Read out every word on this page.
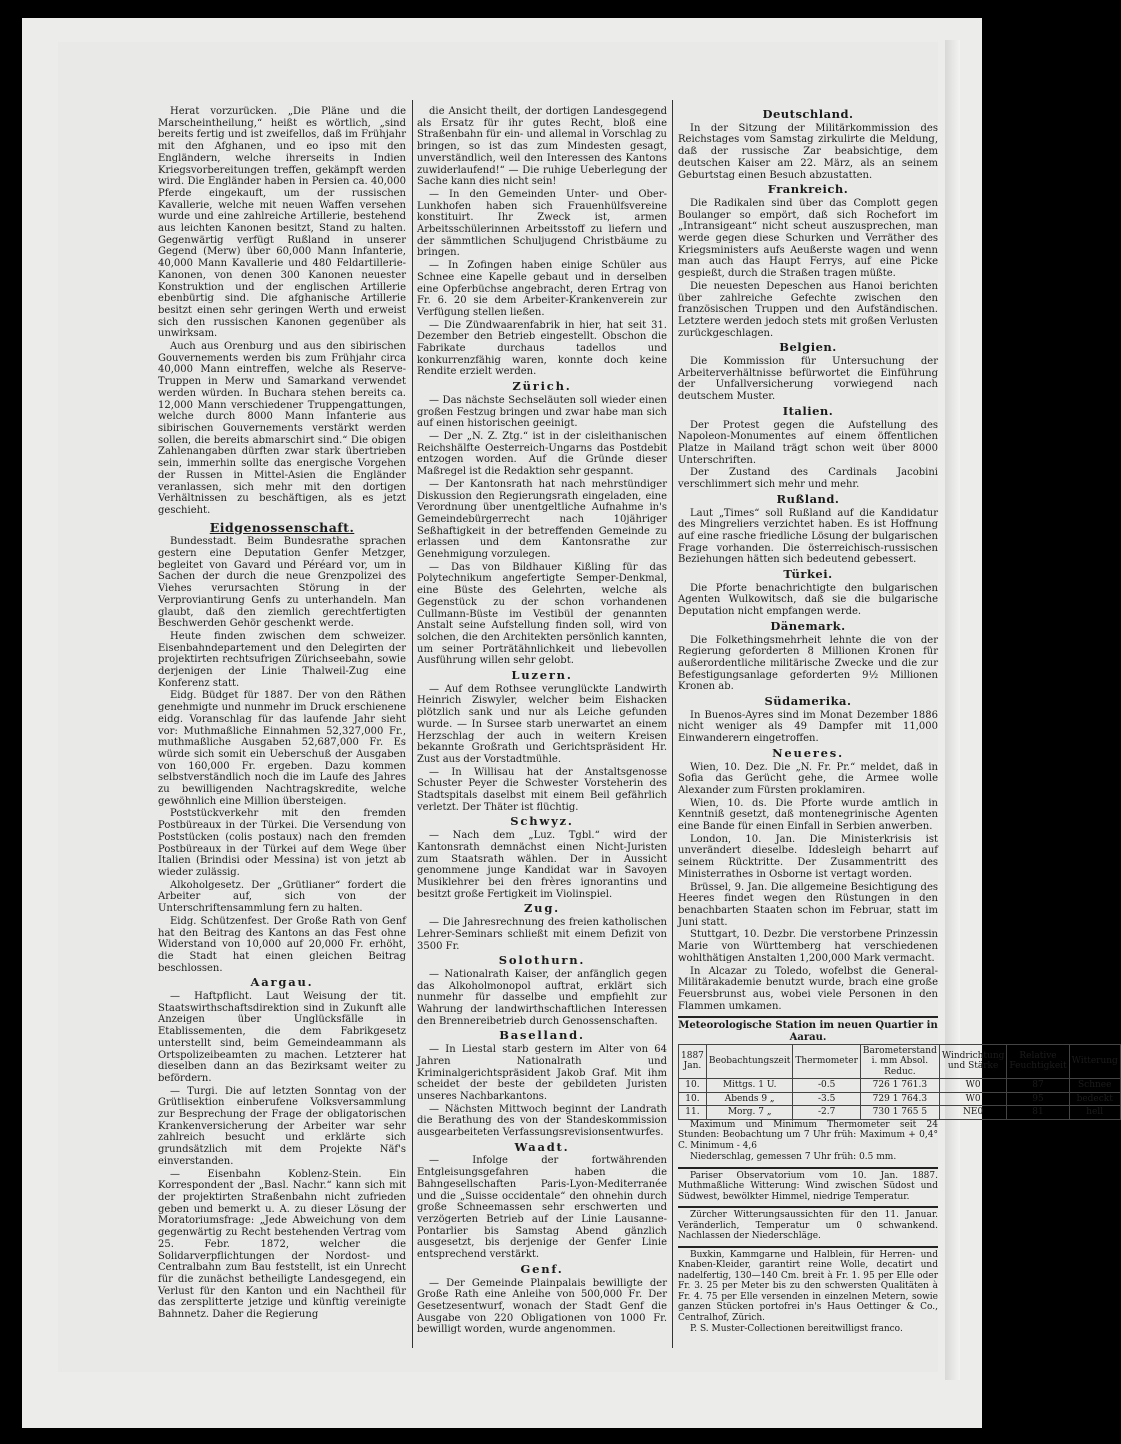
Herat vorzurücken. „Die Pläne und die Marscheintheilung,“ heißt es wörtlich, „sind bereits fertig und ist zweifellos, daß im Frühjahr mit den Afghanen, und eo ipso mit den Engländern, welche ihrerseits in Indien Kriegsvorbereitungen treffen, gekämpft werden wird. Die Engländer haben in Persien ca. 40,000 Pferde eingekauft, um der russischen Kavallerie, welche mit neuen Waffen versehen wurde und eine zahlreiche Artillerie, bestehend aus leichten Kanonen besitzt, Stand zu halten. Gegenwärtig verfügt Rußland in unserer Gegend (Merw) über 60,000 Mann Infanterie, 40,000 Mann Kavallerie und 480 Feldartillerie-Kanonen, von denen 300 Kanonen neuester Konstruktion und der englischen Artillerie ebenbürtig sind. Die afghanische Artillerie besitzt einen sehr geringen Werth und erweist sich den russischen Kanonen gegenüber als unwirksam.

Auch aus Orenburg und aus den sibirischen Gouvernements werden bis zum Frühjahr circa 40,000 Mann eintreffen, welche als Reserve-Truppen in Merw und Samarkand verwendet werden würden. In Buchara stehen bereits ca. 12,000 Mann verschiedener Truppengattungen, welche durch 8000 Mann Infanterie aus sibirischen Gouvernements verstärkt werden sollen, die bereits abmarschirt sind.“ Die obigen Zahlenangaben dürften zwar stark übertrieben sein, immerhin sollte das energische Vorgehen der Russen in Mittel-Asien die Engländer veranlassen, sich mehr mit den dortigen Verhältnissen zu beschäftigen, als es jetzt geschieht.

Eidgenossenschaft.

Bundesstadt. Beim Bundesrathe sprachen gestern eine Deputation Genfer Metzger, begleitet von Gavard und Péréard vor, um in Sachen der durch die neue Grenzpolizei des Viehes verursachten Störung in der Verproviantirung Genfs zu unterhandeln. Man glaubt, daß den ziemlich gerechtfertigten Beschwerden Gehör geschenkt werde.

Heute finden zwischen dem schweizer. Eisenbahndepartement und den Delegirten der projektirten rechtsufrigen Zürichseebahn, sowie derjenigen der Linie Thalweil-Zug eine Konferenz statt.

Eidg. Büdget für 1887. Der von den Räthen genehmigte und nunmehr im Druck erschienene eidg. Voranschlag für das laufende Jahr sieht vor: Muthmaßliche Einnahmen 52,327,000 Fr., muthmaßliche Ausgaben 52,687,000 Fr. Es würde sich somit ein Ueberschuß der Ausgaben von 160,000 Fr. ergeben. Dazu kommen selbstverständlich noch die im Laufe des Jahres zu bewilligenden Nachtragskredite, welche gewöhnlich eine Million übersteigen.

Poststückverkehr mit den fremden Postbüreaux in der Türkei. Die Versendung von Poststücken (colis postaux) nach den fremden Postbüreaux in der Türkei auf dem Wege über Italien (Brindisi oder Messina) ist von jetzt ab wieder zulässig.

Alkoholgesetz. Der „Grütlianer“ fordert die Arbeiter auf, sich von der Unterschriftensammlung fern zu halten.

Eidg. Schützenfest. Der Große Rath von Genf hat den Beitrag des Kantons an das Fest ohne Widerstand von 10,000 auf 20,000 Fr. erhöht, die Stadt hat einen gleichen Beitrag beschlossen.

Aargau.

— Haftpflicht. Laut Weisung der tit. Staatswirthschaftsdirektion sind in Zukunft alle Anzeigen über Unglücksfälle in Etablissementen, die dem Fabrikgesetz unterstellt sind, beim Gemeindeammann als Ortspolizeibeamten zu machen. Letzterer hat dieselben dann an das Bezirksamt weiter zu befördern.

— Turgi. Die auf letzten Sonntag von der Grütlisektion einberufene Volksversammlung zur Besprechung der Frage der obligatorischen Krankenversicherung der Arbeiter war sehr zahlreich besucht und erklärte sich grundsätzlich mit dem Projekte Näf's einverstanden.

— Eisenbahn Koblenz-Stein. Ein Korrespondent der „Basl. Nachr.“ kann sich mit der projektirten Straßenbahn nicht zufrieden geben und bemerkt u. A. zu dieser Lösung der Moratoriumsfrage: „Jede Abweichung von dem gegenwärtig zu Recht bestehenden Vertrag vom 25. Febr. 1872, welcher die Solidarverpflichtungen der Nordost- und Centralbahn zum Bau feststellt, ist ein Unrecht für die zunächst betheiligte Landesgegend, ein Verlust für den Kanton und ein Nachtheil für das zersplitterte jetzige und künftig vereinigte Bahnnetz. Daher die Regierung

die Ansicht theilt, der dortigen Landesgegend als Ersatz für ihr gutes Recht, bloß eine Straßenbahn für ein- und allemal in Vorschlag zu bringen, so ist das zum Mindesten gesagt, unverständlich, weil den Interessen des Kantons zuwiderlaufend!“ — Die ruhige Ueberlegung der Sache kann dies nicht sein!

— In den Gemeinden Unter- und Ober-Lunkhofen haben sich Frauenhülfsvereine konstituirt. Ihr Zweck ist, armen Arbeitsschülerinnen Arbeitsstoff zu liefern und der sämmtlichen Schuljugend Christbäume zu bringen.

— In Zofingen haben einige Schüler aus Schnee eine Kapelle gebaut und in derselben eine Opferbüchse angebracht, deren Ertrag von Fr. 6. 20 sie dem Arbeiter-Krankenverein zur Verfügung stellen ließen.

— Die Zündwaarenfabrik in hier, hat seit 31. Dezember den Betrieb eingestellt. Obschon die Fabrikate durchaus tadellos und konkurrenzfähig waren, konnte doch keine Rendite erzielt werden.

Zürich.

— Das nächste Sechseläuten soll wieder einen großen Festzug bringen und zwar habe man sich auf einen historischen geeinigt.

— Der „N. Z. Ztg.“ ist in der cisleithanischen Reichshälfte Oesterreich-Ungarns das Postdebit entzogen worden. Auf die Gründe dieser Maßregel ist die Redaktion sehr gespannt.

— Der Kantonsrath hat nach mehrstündiger Diskussion den Regierungsrath eingeladen, eine Verordnung über unentgeltliche Aufnahme in's Gemeindebürgerrecht nach 10jähriger Seßhaftigkeit in der betreffenden Gemeinde zu erlassen und dem Kantonsrathe zur Genehmigung vorzulegen.

— Das von Bildhauer Kißling für das Polytechnikum angefertigte Semper-Denkmal, eine Büste des Gelehrten, welche als Gegenstück zu der schon vorhandenen Cullmann-Büste im Vestibül der genannten Anstalt seine Aufstellung finden soll, wird von solchen, die den Architekten persönlich kannten, um seiner Porträtähnlichkeit und liebevollen Ausführung willen sehr gelobt.

Luzern.

— Auf dem Rothsee verunglückte Landwirth Heinrich Ziswyler, welcher beim Eishacken plötzlich sank und nur als Leiche gefunden wurde. — In Sursee starb unerwartet an einem Herzschlag der auch in weitern Kreisen bekannte Großrath und Gerichtspräsident Hr. Zust aus der Vorstadtmühle.

— In Willisau hat der Anstaltsgenosse Schuster Peyer die Schwester Vorsteherin des Stadtspitals daselbst mit einem Beil gefährlich verletzt. Der Thäter ist flüchtig.

Schwyz.

— Nach dem „Luz. Tgbl.“ wird der Kantonsrath demnächst einen Nicht-Juristen zum Staatsrath wählen. Der in Aussicht genommene junge Kandidat war in Savoyen Musiklehrer bei den frères ignorantins und besitzt große Fertigkeit im Violinspiel.

Zug.

— Die Jahresrechnung des freien katholischen Lehrer-Seminars schließt mit einem Defizit von 3500 Fr.

Solothurn.

— Nationalrath Kaiser, der anfänglich gegen das Alkoholmonopol auftrat, erklärt sich nunmehr für dasselbe und empfiehlt zur Wahrung der landwirthschaftlichen Interessen den Brennereibetrieb durch Genossenschaften.

Baselland.

— In Liestal starb gestern im Alter von 64 Jahren Nationalrath und Kriminalgerichtspräsident Jakob Graf. Mit ihm scheidet der beste der gebildeten Juristen unseres Nachbarkantons.

— Nächsten Mittwoch beginnt der Landrath die Berathung des von der Standeskommission ausgearbeiteten Verfassungsrevisionsentwurfes.

Waadt.

— Infolge der fortwährenden Entgleisungsgefahren haben die Bahngesellschaften Paris-Lyon-Mediterranée und die „Suisse occidentale“ den ohnehin durch große Schneemassen sehr erschwerten und verzögerten Betrieb auf der Linie Lausanne-Pontarlier bis Samstag Abend gänzlich ausgesetzt, bis derjenige der Genfer Linie entsprechend verstärkt.

Genf.

— Der Gemeinde Plainpalais bewilligte der Große Rath eine Anleihe von 500,000 Fr. Der Gesetzesentwurf, wonach der Stadt Genf die Ausgabe von 220 Obligationen von 1000 Fr. bewilligt worden, wurde angenommen.

Deutschland.

In der Sitzung der Militärkommission des Reichstages vom Samstag zirkulirte die Meldung, daß der russische Zar beabsichtige, dem deutschen Kaiser am 22. März, als an seinem Geburtstag einen Besuch abzustatten.

Frankreich.

Die Radikalen sind über das Complott gegen Boulanger so empört, daß sich Rochefort im „Intransigeant“ nicht scheut auszusprechen, man werde gegen diese Schurken und Verräther des Kriegsministers aufs Aeußerste wagen und wenn man auch das Haupt Ferrys, auf eine Picke gespießt, durch die Straßen tragen müßte.

Die neuesten Depeschen aus Hanoi berichten über zahlreiche Gefechte zwischen den französischen Truppen und den Aufständischen. Letztere werden jedoch stets mit großen Verlusten zurückgeschlagen.

Belgien.

Die Kommission für Untersuchung der Arbeiterverhältnisse befürwortet die Einführung der Unfallversicherung vorwiegend nach deutschem Muster.

Italien.

Der Protest gegen die Aufstellung des Napoleon-Monumentes auf einem öffentlichen Platze in Mailand trägt schon weit über 8000 Unterschriften.

Der Zustand des Cardinals Jacobini verschlimmert sich mehr und mehr.

Rußland.

Laut „Times“ soll Rußland auf die Kandidatur des Mingreliers verzichtet haben. Es ist Hoffnung auf eine rasche friedliche Lösung der bulgarischen Frage vorhanden. Die österreichisch-russischen Beziehungen hätten sich bedeutend gebessert.

Türkei.

Die Pforte benachrichtigte den bulgarischen Agenten Wulkowitsch, daß sie die bulgarische Deputation nicht empfangen werde.

Dänemark.

Die Folkethingsmehrheit lehnte die von der Regierung geforderten 8 Millionen Kronen für außerordentliche militärische Zwecke und die zur Befestigungsanlage geforderten 9½ Millionen Kronen ab.

Südamerika.

In Buenos-Ayres sind im Monat Dezember 1886 nicht weniger als 49 Dampfer mit 11,000 Einwanderern eingetroffen.

Neueres.

Wien, 10. Dez. Die „N. Fr. Pr.“ meldet, daß in Sofia das Gerücht gehe, die Armee wolle Alexander zum Fürsten proklamiren.

Wien, 10. ds. Die Pforte wurde amtlich in Kenntniß gesetzt, daß montenegrinische Agenten eine Bande für einen Einfall in Serbien anwerben.

London, 10. Jan. Die Ministerkrisis ist unverändert dieselbe. Iddesleigh beharrt auf seinem Rücktritte. Der Zusammentritt des Ministerrathes in Osborne ist vertagt worden.

Brüssel, 9. Jan. Die allgemeine Besichtigung des Heeres findet wegen den Rüstungen in den benachbarten Staaten schon im Februar, statt im Juni statt.

Stuttgart, 10. Dezbr. Die verstorbene Prinzessin Marie von Württemberg hat verschiedenen wohlthätigen Anstalten 1,200,000 Mark vermacht.

In Alcazar zu Toledo, wofelbst die General-Militärakademie benutzt wurde, brach eine große Feuersbrunst aus, wobei viele Personen in den Flammen umkamen.

Meteorologische Station im neuen Quartier in Aarau.
1887 Jan.	Beobachtungszeit	Thermometer	Barometerstand i. mm Absol. Reduc.	Windrichtung und Stärke	Relative Feuchtigkeit	Witterung
10.	Mittgs. 1 U.	-0.5	726 1 761.3	W0	87	Schnee
10.	Abends 9 „	-3.5	729 1 764.3	W0	95	bedeckt
11.	Morg. 7 „	-2.7	730 1 765 5	NE0	81	hell

Maximum und Minimum Thermometer seit 24 Stunden: Beobachtung um 7 Uhr früh: Maximum + 0,4° C. Minimum - 4,6

Niederschlag, gemessen 7 Uhr früh: 0.5 mm.

Pariser Observatorium vom 10. Jan. 1887. Muthmaßliche Witterung: Wind zwischen Südost und Südwest, bewölkter Himmel, niedrige Temperatur.

Zürcher Witterungsaussichten für den 11. Januar. Veränderlich, Temperatur um 0 schwankend. Nachlassen der Niederschläge.

Buxkin, Kammgarne und Halblein, für Herren- und Knaben-Kleider, garantirt reine Wolle, decatirt und nadelfertig, 130—140 Cm. breit à Fr. 1. 95 per Elle oder Fr. 3. 25 per Meter bis zu den schwersten Qualitäten à Fr. 4. 75 per Elle versenden in einzelnen Metern, sowie ganzen Stücken portofrei in's Haus Oettinger & Co., Centralhof, Zürich.

P. S. Muster-Collectionen bereitwilligst franco.
